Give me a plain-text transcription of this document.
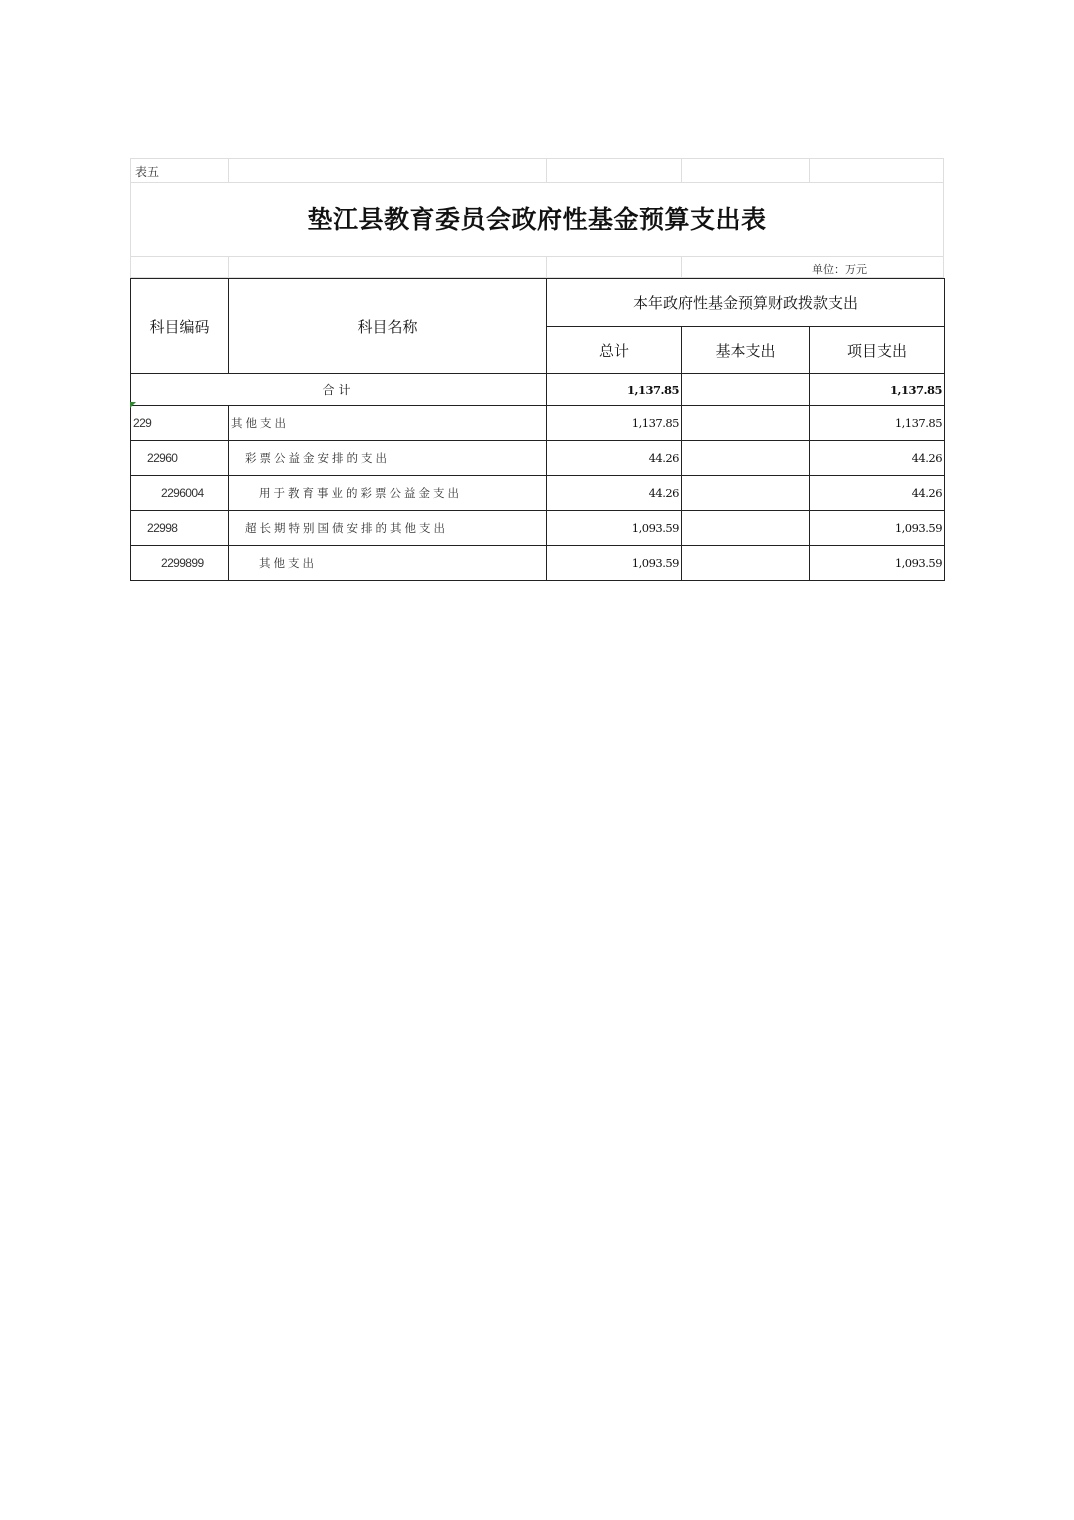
表五
垫江县教育委员会政府性基金预算支出表
单位：万元
科目编码	科目名称	本年政府性基金预算财政拨款支出		
		总计	基本支出	项目支出
合计		1,137.85		1,137.85
229	其他支出	1,137.85		1,137.85
22960	彩票公益金安排的支出	44.26		44.26
2296004	用于教育事业的彩票公益金支出	44.26		44.26
22998	超长期特别国债安排的其他支出	1,093.59		1,093.59
2299899	其他支出	1,093.59		1,093.59
